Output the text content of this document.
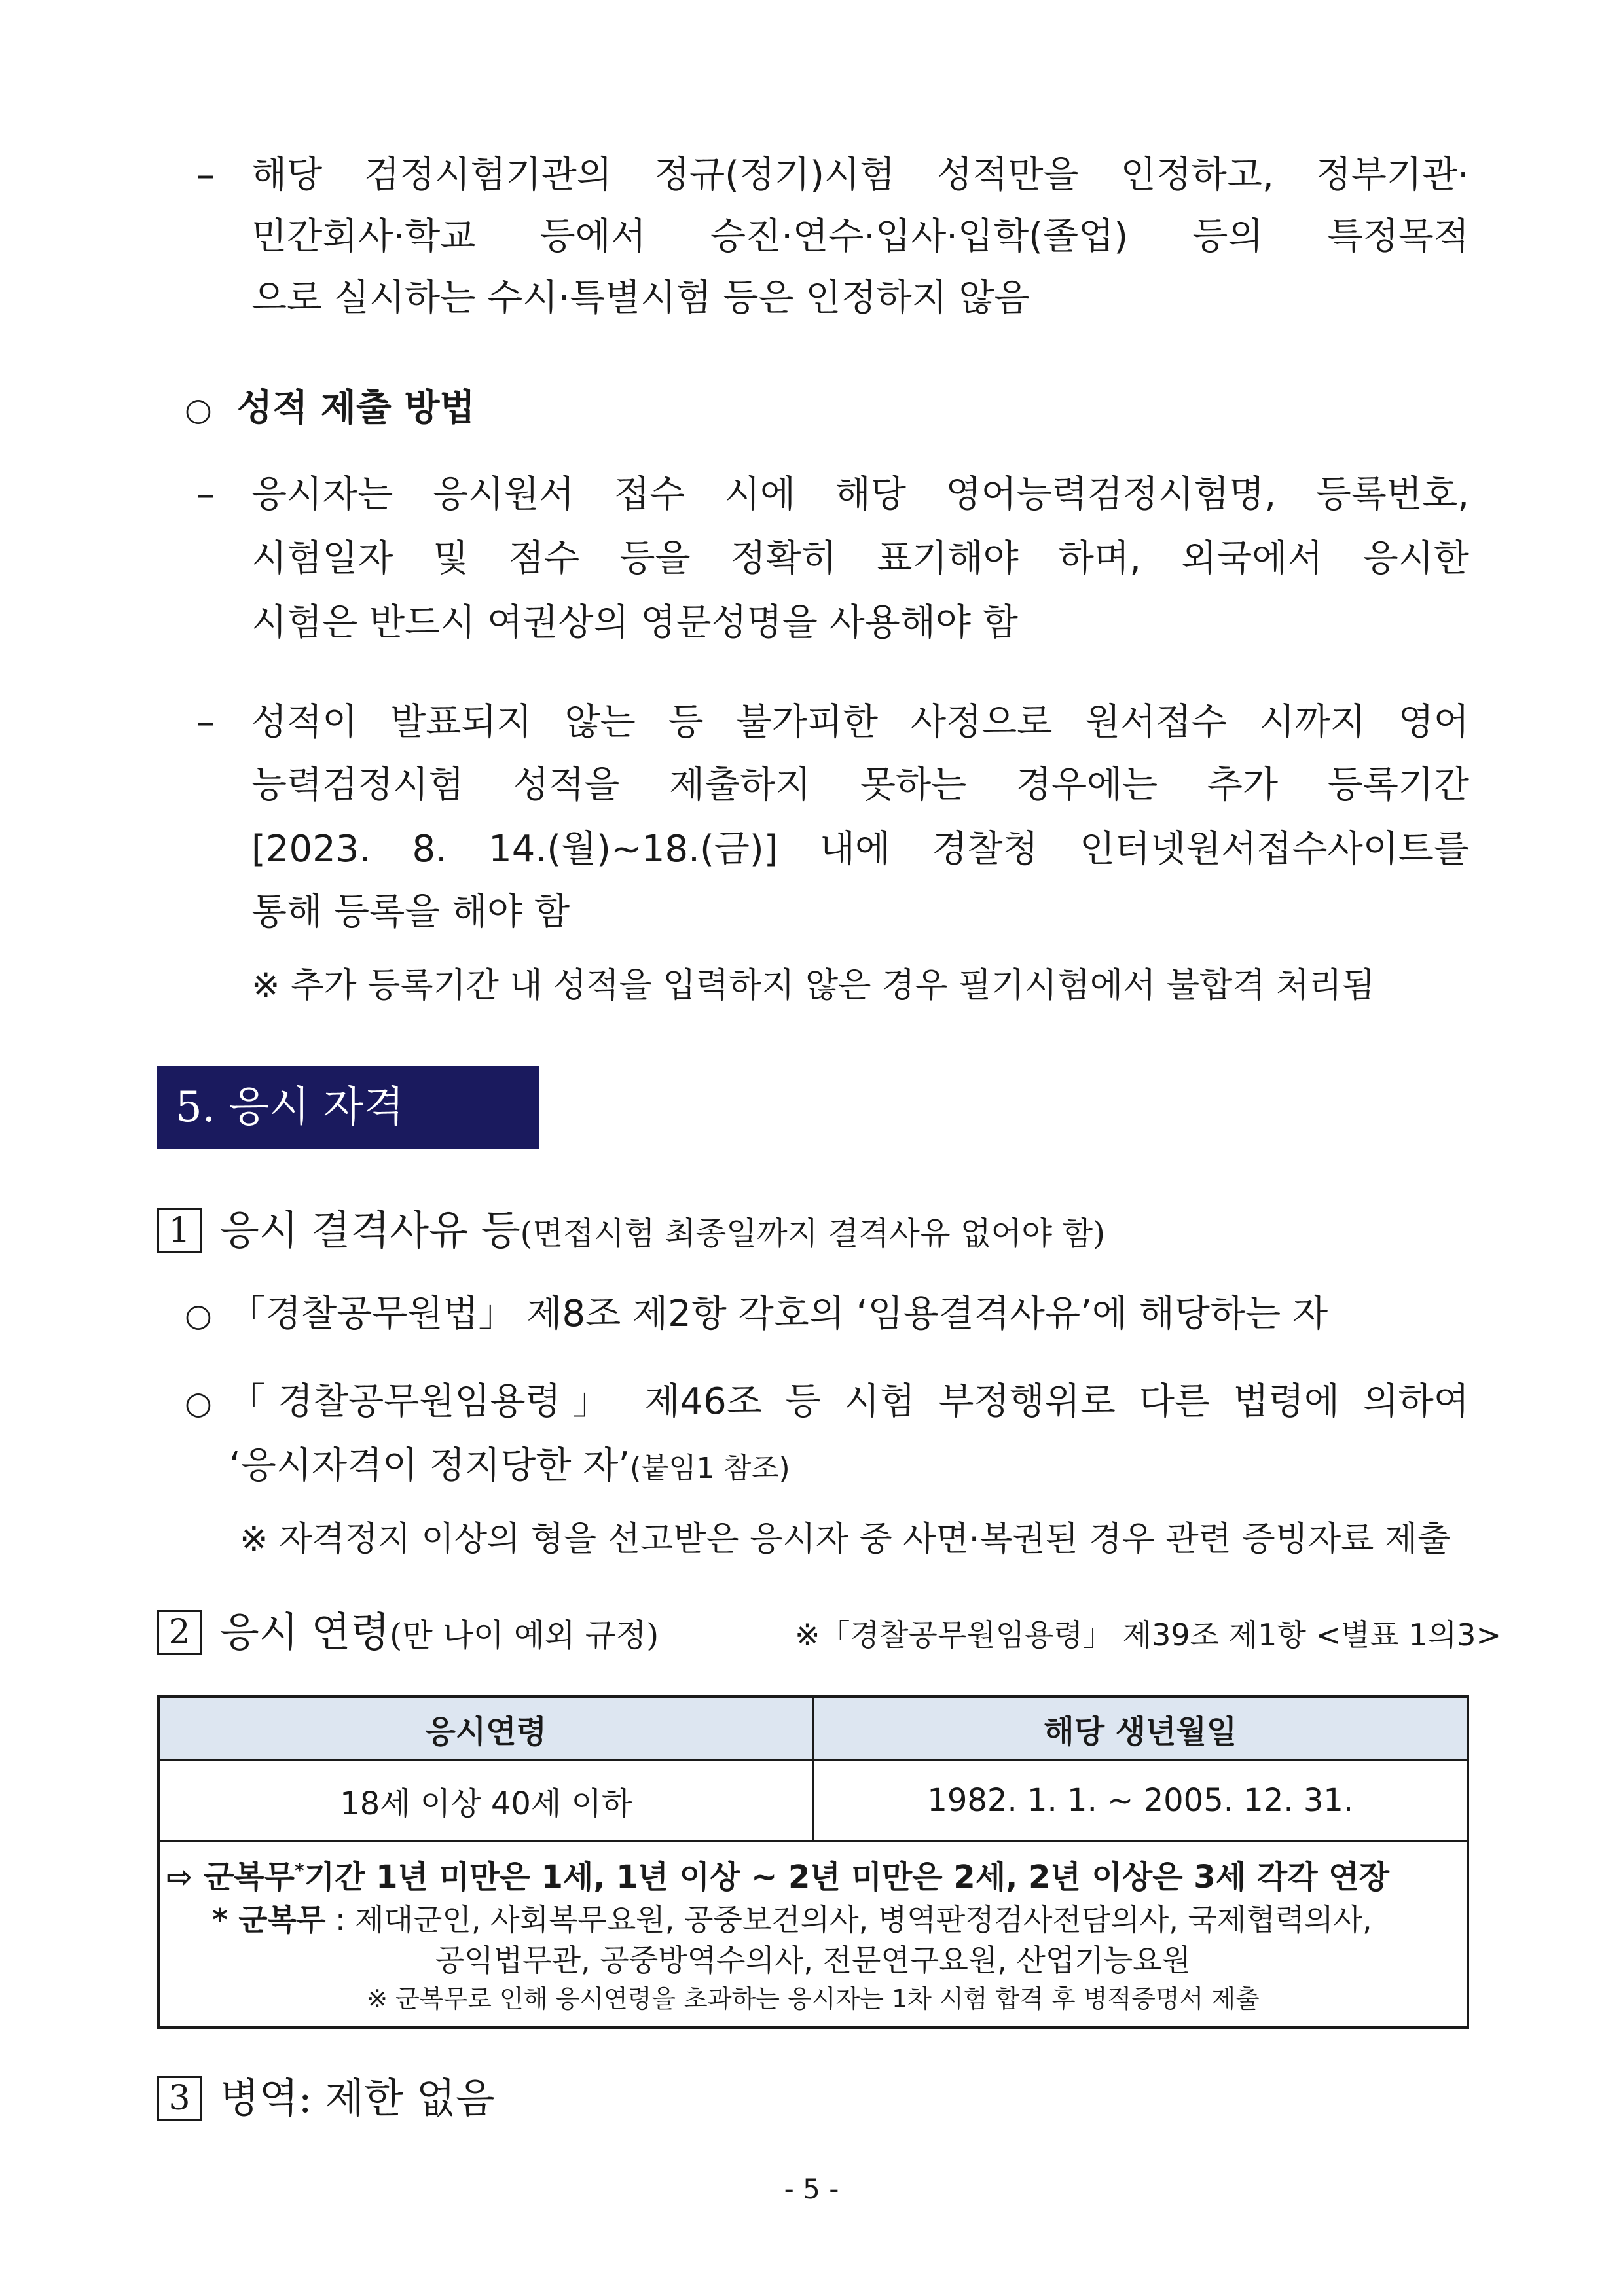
– 해당 검정시험기관의 정규(정기)시험 성적만을 인정하고, 정부기관·
민간회사·학교 등에서 승진·연수·입사·입학(졸업) 등의 특정목적
으로 실시하는 수시·특별시험 등은 인정하지 않음
○ 성적 제출 방법
– 응시자는 응시원서 접수 시에 해당 영어능력검정시험명, 등록번호,
시험일자 및 점수 등을 정확히 표기해야 하며, 외국에서 응시한
시험은 반드시 여권상의 영문성명을 사용해야 함
– 성적이 발표되지 않는 등 불가피한 사정으로 원서접수 시까지 영어
능력검정시험 성적을 제출하지 못하는 경우에는 추가 등록기간
[2023. 8. 14.(월)~18.(금)] 내에 경찰청 인터넷원서접수사이트를
통해 등록을 해야 함
※ 추가 등록기간 내 성적을 입력하지 않은 경우 필기시험에서 불합격 처리됨
5. 응시 자격
1 응시 결격사유 등(면접시험 최종일까지 결격사유 없어야 함)
○ 「경찰공무원법」 제8조 제2항 각호의 ‘임용결격사유’에 해당하는 자
○ 「경찰공무원임용령」 제46조 등 시험 부정행위로 다른 법령에 의하여
‘응시자격이 정지당한 자’(붙임1 참조)
※ 자격정지 이상의 형을 선고받은 응시자 중 사면·복권된 경우 관련 증빙자료 제출
2 응시 연령(만 나이 예외 규정)	※「경찰공무원임용령」 제39조 제1항 <별표 1의3>
응시연령	해당 생년월일
18세 이상 40세 이하	1982. 1. 1. ~ 2005. 12. 31.

⇨ 군복무*기간 1년 미만은 1세, 1년 이상 ~ 2년 미만은 2세, 2년 이상은 3세 각각 연장
* 군복무 : 제대군인, 사회복무요원, 공중보건의사, 병역판정검사전담의사, 국제협력의사,
공익법무관, 공중방역수의사, 전문연구요원, 산업기능요원
※ 군복무로 인해 응시연령을 초과하는 응시자는 1차 시험 합격 후 병적증명서 제출	
3 병역: 제한 없음
- 5 -
